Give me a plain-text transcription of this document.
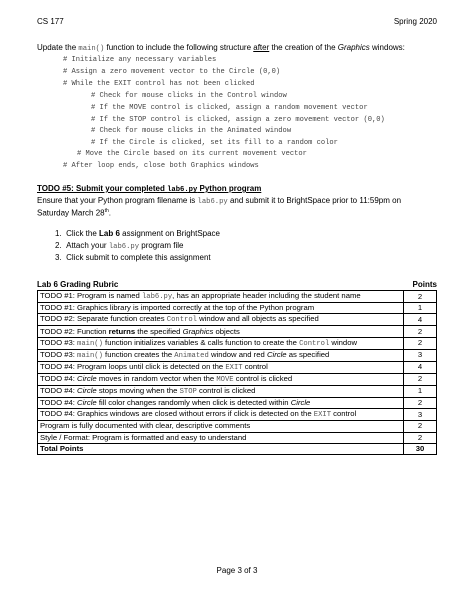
CS 177	Spring 2020
Update the main() function to include the following structure after the creation of the Graphics windows:
# Initialize any necessary variables
# Assign a zero movement vector to the Circle (0,0)
# While the EXIT control has not been clicked
# Check for mouse clicks in the Control window
# If the MOVE control is clicked, assign a random movement vector
# If the STOP control is clicked, assign a zero movement vector (0,0)
# Check for mouse clicks in the Animated window
# If the Circle is clicked, set its fill to a random color
# Move the Circle based on its current movement vector
# After loop ends, close both Graphics windows
TODO #5: Submit your completed lab6.py Python program
Ensure that your Python program filename is lab6.py and submit it to BrightSpace prior to 11:59pm on
Saturday March 28th.
1. Click the Lab 6 assignment on BrightSpace
2. Attach your lab6.py program file
3. Click submit to complete this assignment
Lab 6 Grading Rubric	Points
TODO #1: Program is named lab6.py, has an appropriate header including the student name	2
TODO #1: Graphics library is imported correctly at the top of the Python program	1
TODO #2: Separate function creates Control window and all objects as specified	4
TODO #2: Function returns the specified Graphics objects	2
TODO #3: main() function initializes variables & calls function to create the Control window	2
TODO #3: main() function creates the Animated window and red Circle as specified	3
TODO #4: Program loops until click is detected on the EXIT control	4
TODO #4: Circle moves in random vector when the MOVE control is clicked	2
TODO #4: Circle stops moving when the STOP control is clicked	1
TODO #4: Circle fill color changes randomly when click is detected within Circle	2
TODO #4: Graphics windows are closed without errors if click is detected on the EXIT control	3
Program is fully documented with clear, descriptive comments	2
Style / Format: Program is formatted and easy to understand	2
Total Points	30
Page 3 of 3
